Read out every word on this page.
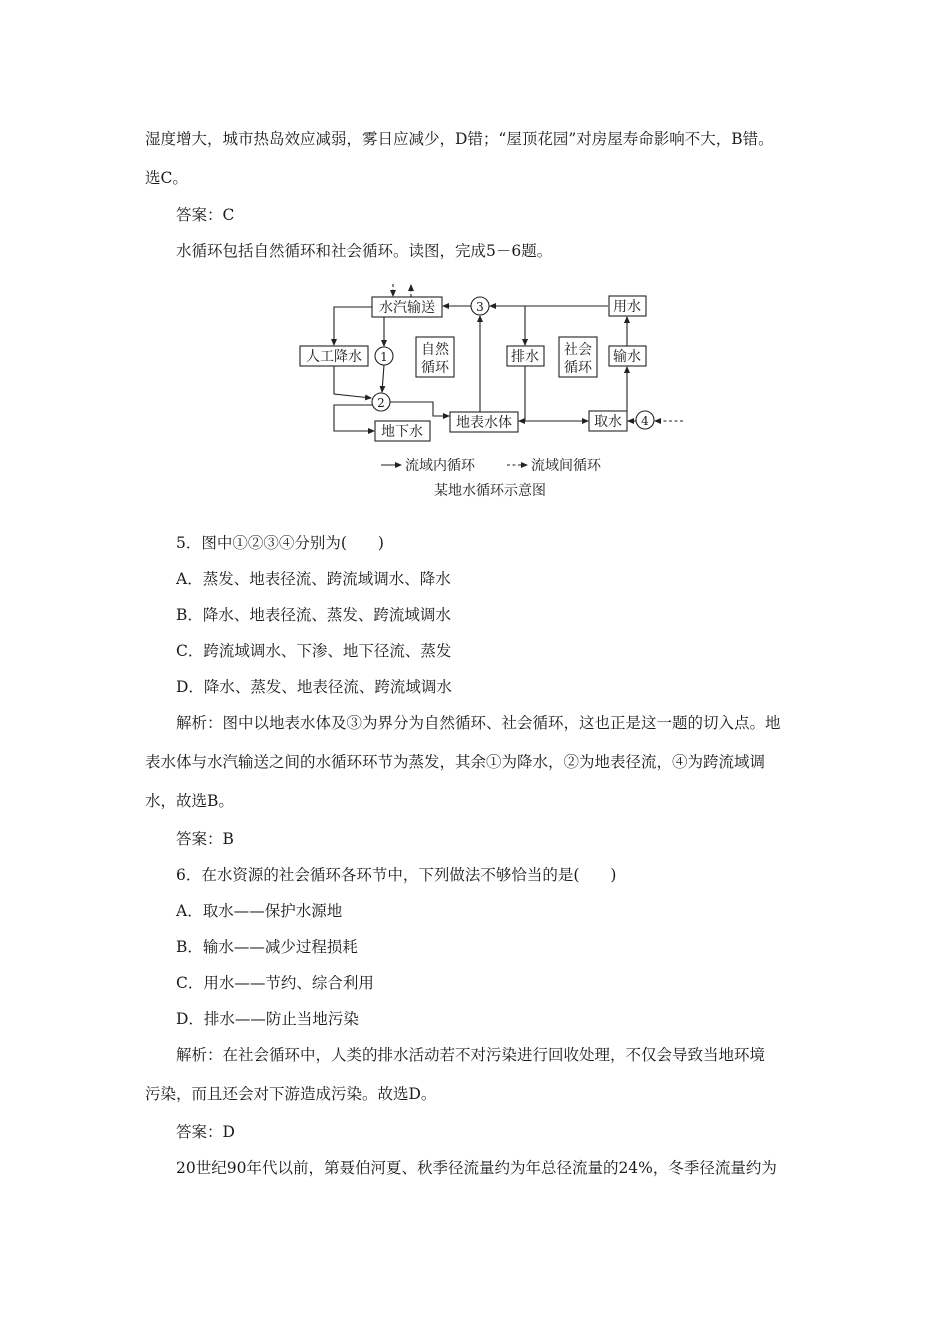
湿度增大，城市热岛效应减弱，雾日应减少，D错；“屋顶花园”对房屋寿命影响不大，B错。
选C。
答案：C
水循环包括自然循环和社会循环。读图，完成5－6题。
水汽输送
人工降水
地下水
地表水体
排水
取水
输水
用水
自然
循环
社会
循环
1
2
3
4
流域内循环	流域间循环
某地水循环示意图
5．图中①②③④分别为(　　)
A．蒸发、地表径流、跨流域调水、降水
B．降水、地表径流、蒸发、跨流域调水
C．跨流域调水、下渗、地下径流、蒸发
D．降水、蒸发、地表径流、跨流域调水
解析：图中以地表水体及③为界分为自然循环、社会循环，这也正是这一题的切入点。地
表水体与水汽输送之间的水循环环节为蒸发，其余①为降水，②为地表径流，④为跨流域调
水，故选B。
答案：B
6．在水资源的社会循环各环节中，下列做法不够恰当的是(　　)
A．取水——保护水源地
B．输水——减少过程损耗
C．用水——节约、综合利用
D．排水——防止当地污染
解析：在社会循环中，人类的排水活动若不对污染进行回收处理，不仅会导致当地环境
污染，而且还会对下游造成污染。故选D。
答案：D
20世纪90年代以前，第聂伯河夏、秋季径流量约为年总径流量的24%，冬季径流量约为
